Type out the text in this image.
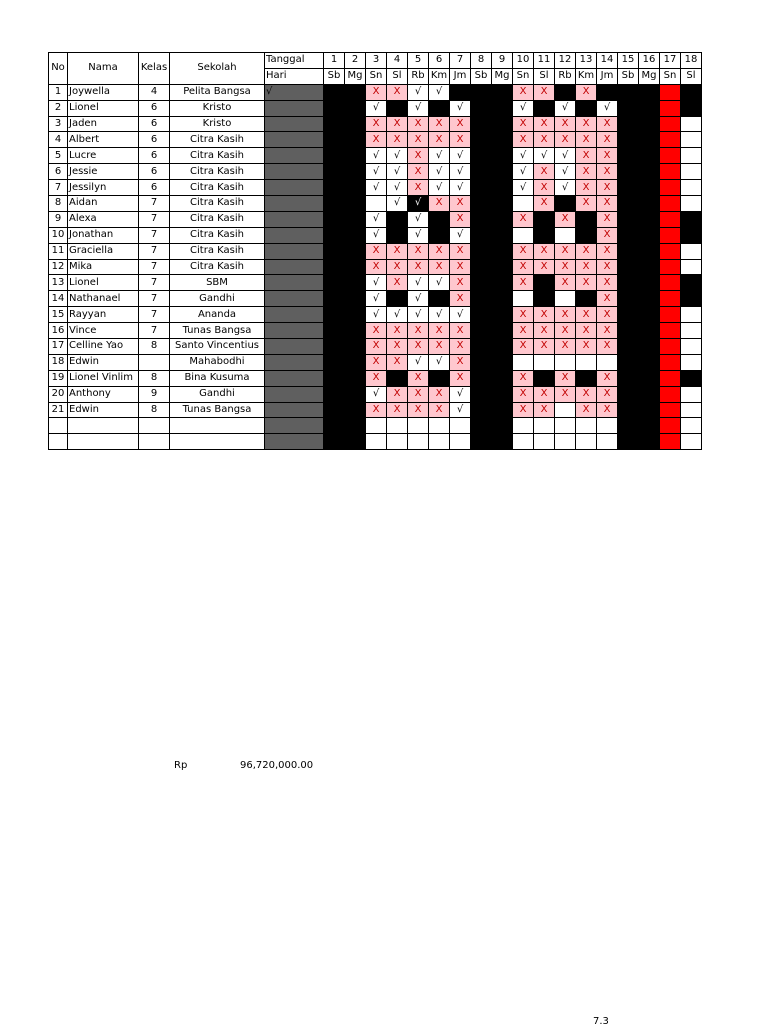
No	Nama	Kelas	Sekolah	Tanggal	1	2	3	4	5	6	7	8	9	10	11	12	13	14	15	16	17	18
				Hari	Sb	Mg	Sn	Sl	Rb	Km	Jm	Sb	Mg	Sn	Sl	Rb	Km	Jm	Sb	Mg	Sn	Sl
1	Joywella	4	Pelita Bangsa	√			X	X	√	√				X	X		X					
2	Lionel	6	Kristo				√		√		√			√		√		√				
3	Jaden	6	Kristo				X	X	X	X	X			X	X	X	X	X				
4	Albert	6	Citra Kasih				X	X	X	X	X			X	X	X	X	X				
5	Lucre	6	Citra Kasih				√	√	X	√	√			√	√	√	X	X				
6	Jessie	6	Citra Kasih				√	√	X	√	√			√	X	√	X	X				
7	Jessilyn	6	Citra Kasih				√	√	X	√	√			√	X	√	X	X				
8	Aidan	7	Citra Kasih					√	√	X	X				X		X	X				
9	Alexa	7	Citra Kasih				√		√		X			X		X		X				
10	Jonathan	7	Citra Kasih				√		√		√							X				
11	Graciella	7	Citra Kasih				X	X	X	X	X			X	X	X	X	X				
12	Mika	7	Citra Kasih				X	X	X	X	X			X	X	X	X	X				
13	Lionel	7	SBM				√	X	√	√	X			X		X	X	X				
14	Nathanael	7	Gandhi				√		√		X							X				
15	Rayyan	7	Ananda				√	√	√	√	√			X	X	X	X	X				
16	Vince	7	Tunas Bangsa				X	X	X	X	X			X	X	X	X	X				
17	Celline Yao	8	Santo Vincentius				X	X	X	X	X			X	X	X	X	X				
18	Edwin		Mahabodhi				X	X	√	√	X											
19	Lionel Vinlim	8	Bina Kusuma				X		X		X			X		X		X				
20	Anthony	9	Gandhi				√	X	X	X	√			X	X	X	X	X				
21	Edwin	8	Tunas Bangsa				X	X	X	X	√			X	X		X	X				

Rp	96,720,000.00
7.3
